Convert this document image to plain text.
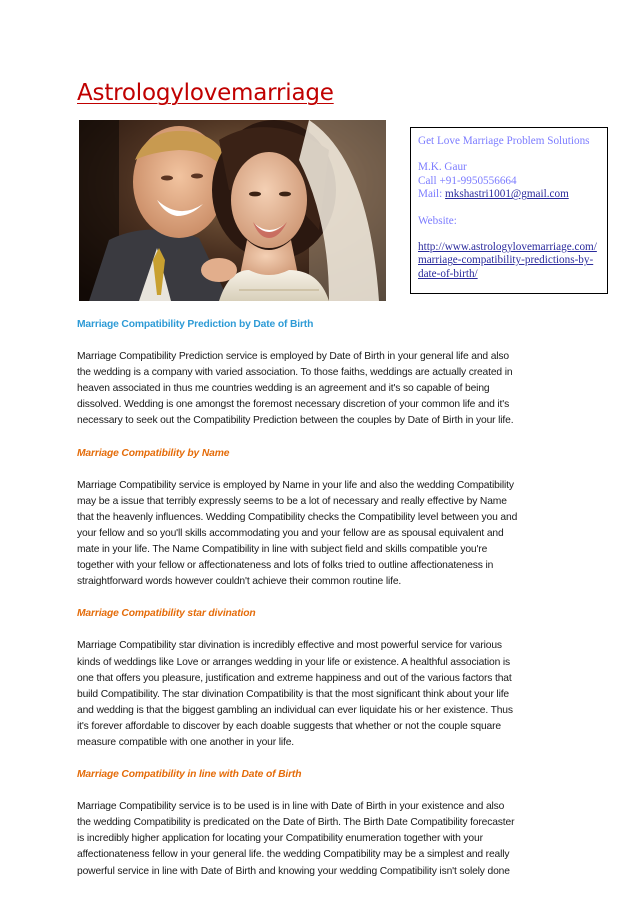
Astrologylovemarriage
Get Love Marriage Problem Solutions
M.K. Gaur
Call +91-9950556664
Mail: mkshastri1001@gmail.com
Website:
http://www.astrologylovemarriage.com/
marriage-compatibility-predictions-by-
date-of-birth/
Marriage Compatibility Prediction by Date of Birth
Marriage Compatibility Prediction service is employed by Date of Birth in your general life and also
the wedding is a company with varied association. To those faiths, weddings are actually created in
heaven associated in thus me countries wedding is an agreement and it's so capable of being
dissolved. Wedding is one amongst the foremost necessary discretion of your common life and it's
necessary to seek out the Compatibility Prediction between the couples by Date of Birth in your life.
Marriage Compatibility by Name
Marriage Compatibility service is employed by Name in your life and also the wedding Compatibility
may be a issue that terribly expressly seems to be a lot of necessary and really effective by Name
that the heavenly influences. Wedding Compatibility checks the Compatibility level between you and
your fellow and so you'll skills accommodating you and your fellow are as spousal equivalent and
mate in your life. The Name Compatibility in line with subject field and skills compatible you're
together with your fellow or affectionateness and lots of folks tried to outline affectionateness in
straightforward words however couldn't achieve their common routine life.
Marriage Compatibility star divination
Marriage Compatibility star divination is incredibly effective and most powerful service for various
kinds of weddings like Love or arranges wedding in your life or existence. A healthful association is
one that offers you pleasure, justification and extreme happiness and out of the various factors that
build Compatibility. The star divination Compatibility is that the most significant think about your life
and wedding is that the biggest gambling an individual can ever liquidate his or her existence. Thus
it's forever affordable to discover by each doable suggests that whether or not the couple square
measure compatible with one another in your life.
Marriage Compatibility in line with Date of Birth
Marriage Compatibility service is to be used is in line with Date of Birth in your existence and also
the wedding Compatibility is predicated on the Date of Birth. The Birth Date Compatibility forecaster
is incredibly higher application for locating your Compatibility enumeration together with your
affectionateness fellow in your general life. the wedding Compatibility may be a simplest and really
powerful service in line with Date of Birth and knowing your wedding Compatibility isn't solely done
